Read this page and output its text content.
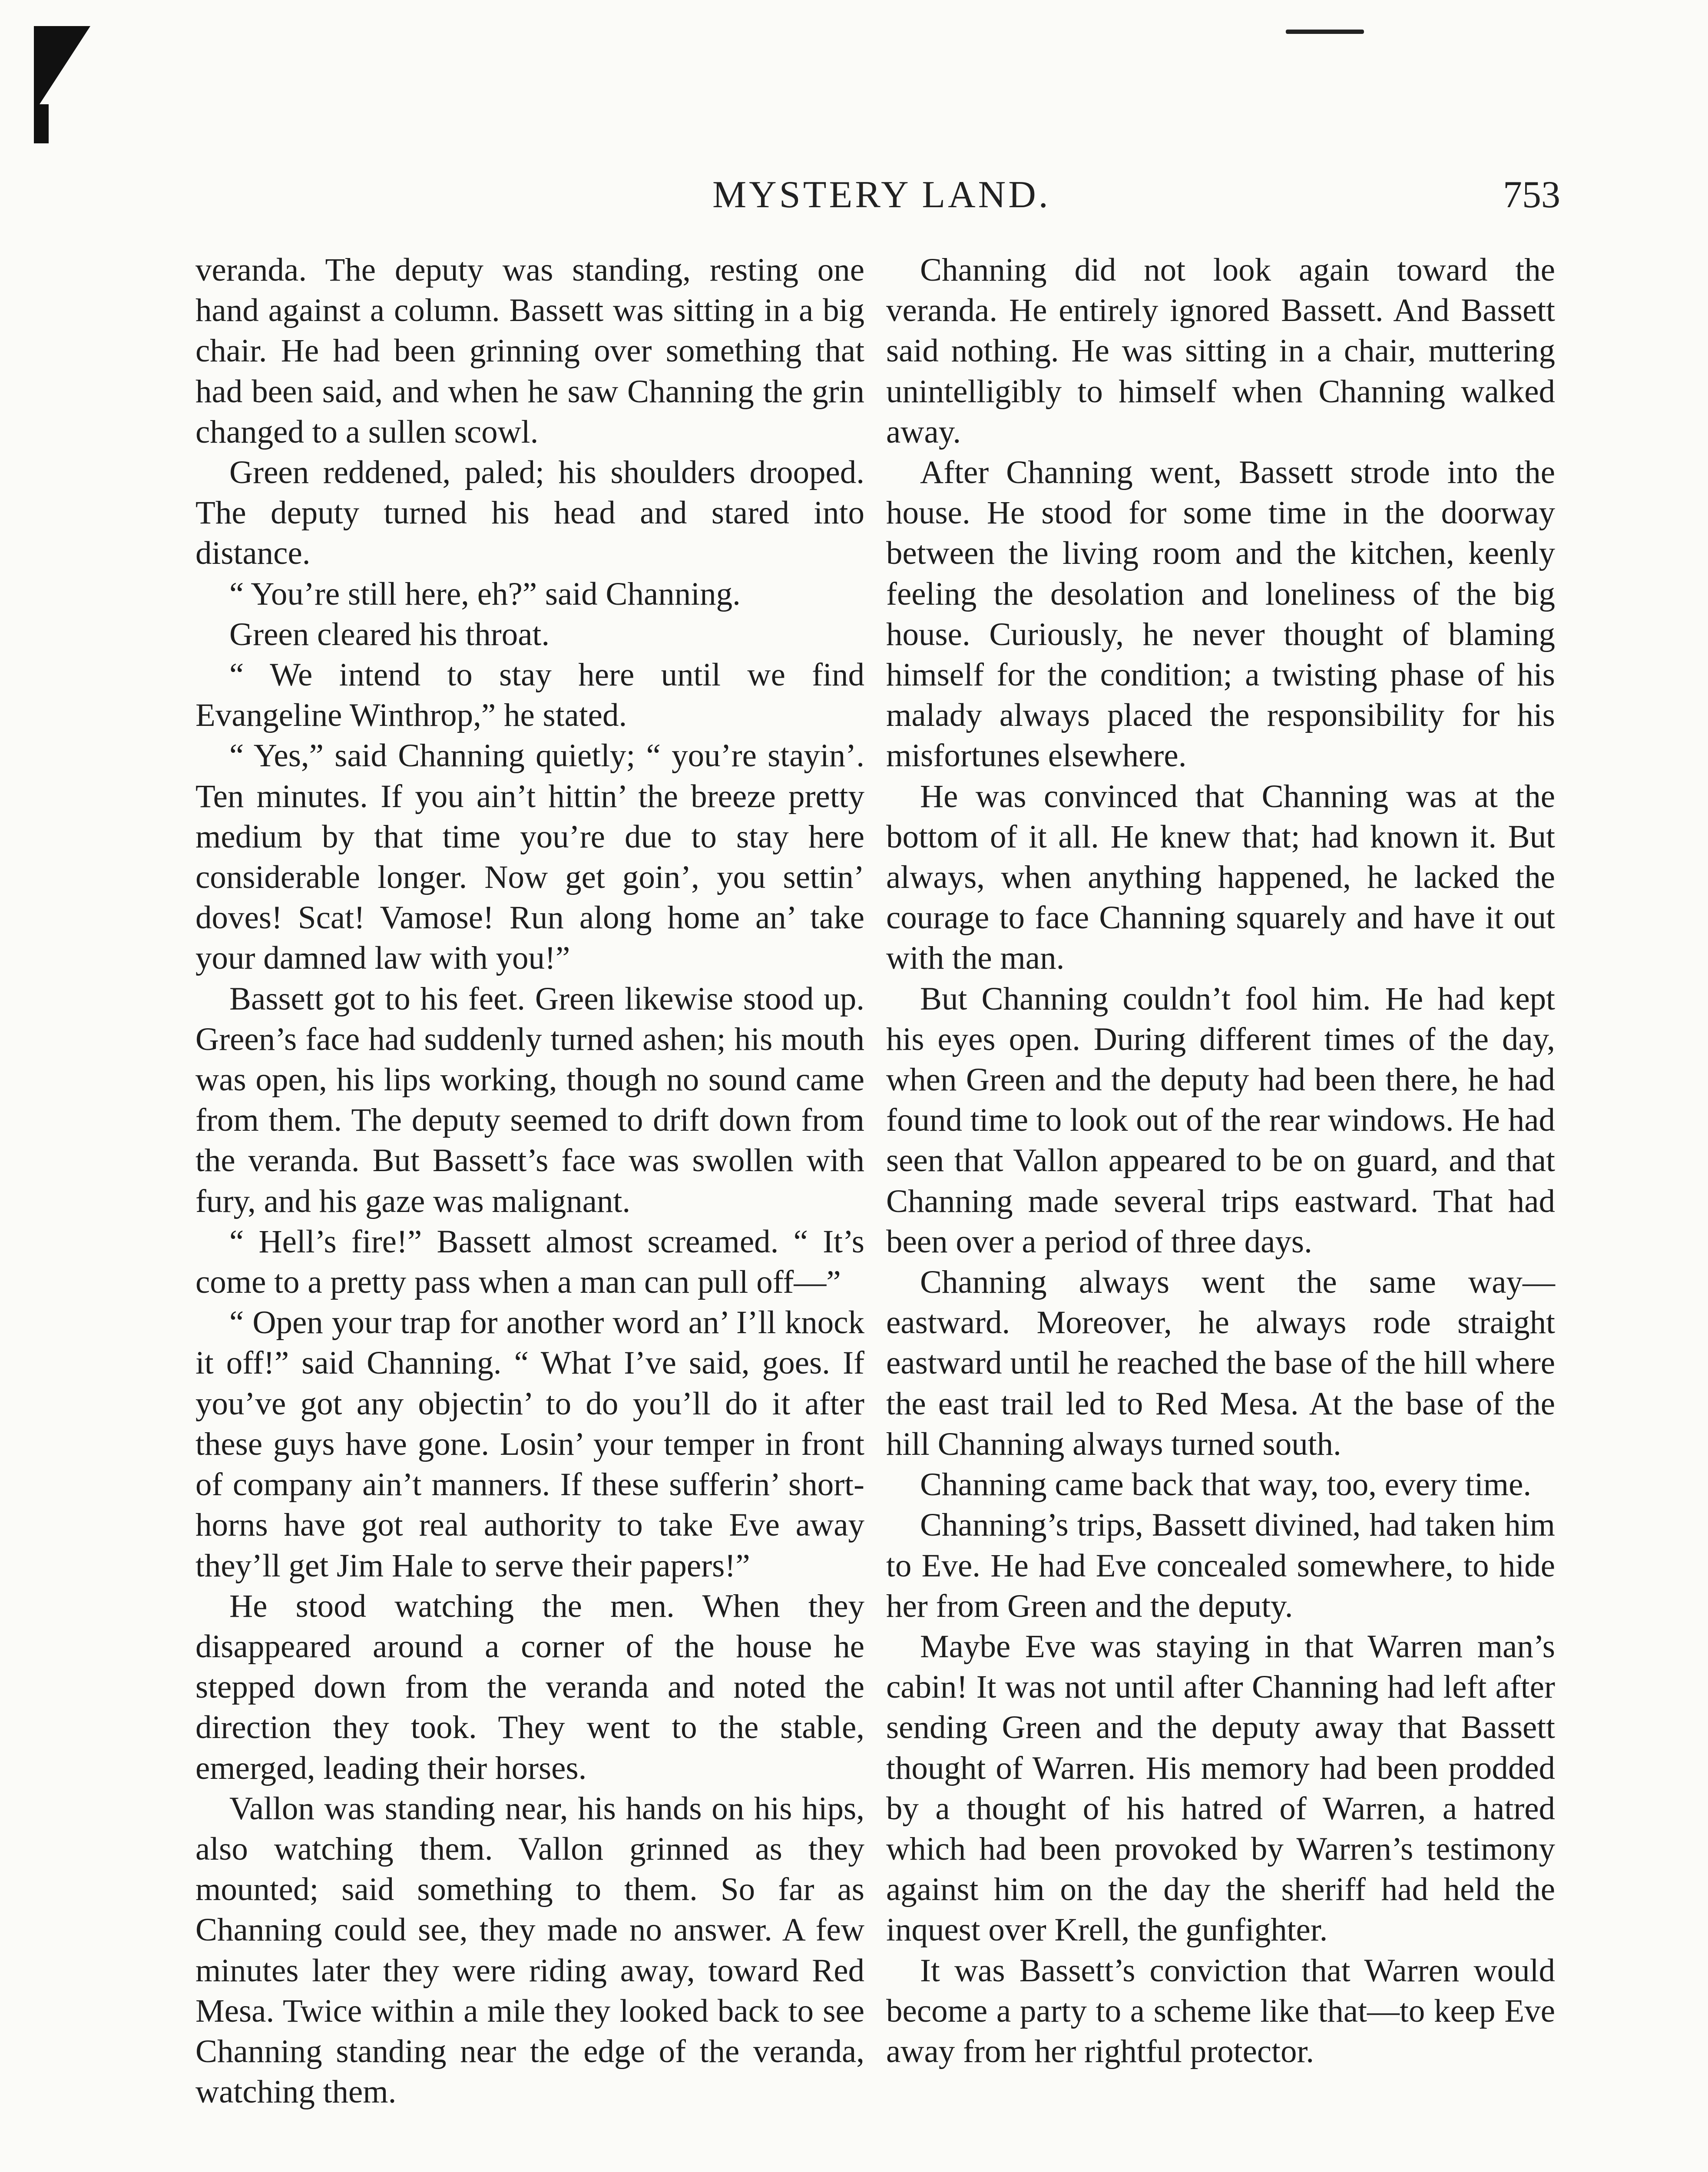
MYSTERY LAND.	753

veranda. The deputy was standing, resting one hand against a column. Bassett was sitting in a big chair. He had been grinning over something that had been said, and when he saw Channing the grin changed to a sullen scowl.

Green reddened, paled; his shoulders drooped. The deputy turned his head and stared into distance.

“ You’re still here, eh?” said Channing.

Green cleared his throat.

“ We intend to stay here until we find Evangeline Winthrop,” he stated.

“ Yes,” said Channing quietly; “ you’re stayin’. Ten minutes. If you ain’t hittin’ the breeze pretty medium by that time you’re due to stay here considerable longer. Now get goin’, you settin’ doves! Scat! Vamose! Run along home an’ take your damned law with you!”

Bassett got to his feet. Green likewise stood up. Green’s face had suddenly turned ashen; his mouth was open, his lips working, though no sound came from them. The deputy seemed to drift down from the veranda. But Bassett’s face was swollen with fury, and his gaze was malignant.

“ Hell’s fire!” Bassett almost screamed. “ It’s come to a pretty pass when a man can pull off—”

“ Open your trap for another word an’ I’ll knock it off!” said Channing. “ What I’ve said, goes. If you’ve got any objectin’ to do you’ll do it after these guys have gone. Losin’ your temper in front of company ain’t manners. If these sufferin’ short-horns have got real authority to take Eve away they’ll get Jim Hale to serve their papers!”

He stood watching the men. When they disappeared around a corner of the house he stepped down from the veranda and noted the direction they took. They went to the stable, emerged, leading their horses.

Vallon was standing near, his hands on his hips, also watching them. Vallon grinned as they mounted; said something to them. So far as Channing could see, they made no answer. A few minutes later they were riding away, toward Red Mesa. Twice within a mile they looked back to see Channing standing near the edge of the veranda, watching them.

Channing did not look again toward the veranda. He entirely ignored Bassett. And Bassett said nothing. He was sitting in a chair, muttering unintelligibly to himself when Channing walked away.

After Channing went, Bassett strode into the house. He stood for some time in the doorway between the living room and the kitchen, keenly feeling the desolation and loneliness of the big house. Curiously, he never thought of blaming himself for the condition; a twisting phase of his malady always placed the responsibility for his misfortunes elsewhere.

He was convinced that Channing was at the bottom of it all. He knew that; had known it. But always, when anything happened, he lacked the courage to face Channing squarely and have it out with the man.

But Channing couldn’t fool him. He had kept his eyes open. During different times of the day, when Green and the deputy had been there, he had found time to look out of the rear windows. He had seen that Vallon appeared to be on guard, and that Channing made several trips eastward. That had been over a period of three days.

Channing always went the same way—eastward. Moreover, he always rode straight eastward until he reached the base of the hill where the east trail led to Red Mesa. At the base of the hill Channing always turned south.

Channing came back that way, too, every time.

Channing’s trips, Bassett divined, had taken him to Eve. He had Eve concealed somewhere, to hide her from Green and the deputy.

Maybe Eve was staying in that Warren man’s cabin! It was not until after Channing had left after sending Green and the deputy away that Bassett thought of Warren. His memory had been prodded by a thought of his hatred of Warren, a hatred which had been provoked by Warren’s testimony against him on the day the sheriff had held the inquest over Krell, the gunfighter.

It was Bassett’s conviction that Warren would become a party to a scheme like that—to keep Eve away from her rightful protector.
